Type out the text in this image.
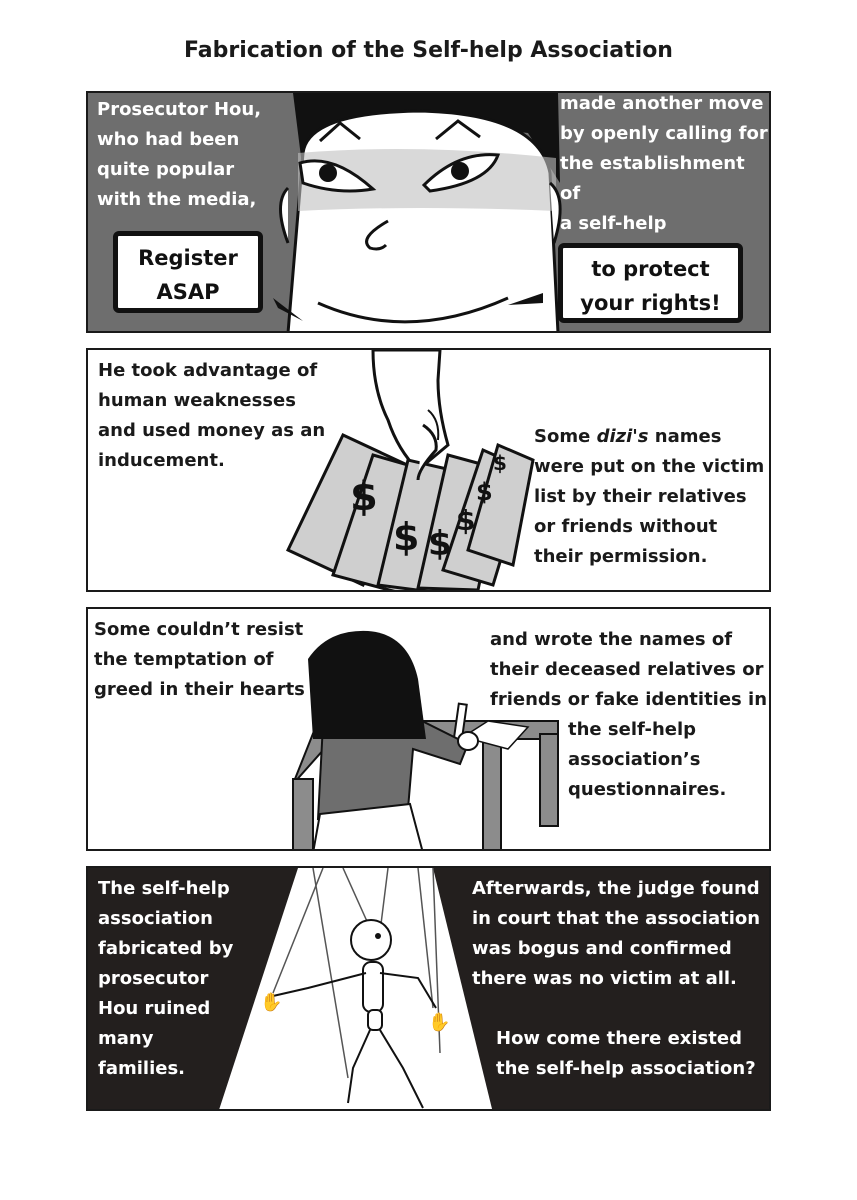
Fabrication of the Self-help Association

Prosecutor Hou,
who had been
quite popular
with the media,

made another move
by openly calling for
the establishment of
a self-help

Register
ASAP
to protect
your rights!
$
$ $
$
$
$

He took advantage of
human weaknesses
and used money as an
inducement.

Some dizi's names
were put on the victim
list by their relatives
or friends without
their permission.

Some couldn’t resist
the temptation of
greed in their hearts

and wrote the names of
their deceased relatives or
friends or fake identities in

the self-help
association’s
questionnaires.

✋
✋

The self-help
association
fabricated by
prosecutor
Hou ruined
many
families.

Afterwards, the judge found
in court that the association
was bogus and confirmed
there was no victim at all.

How come there existed
the self-help association?
